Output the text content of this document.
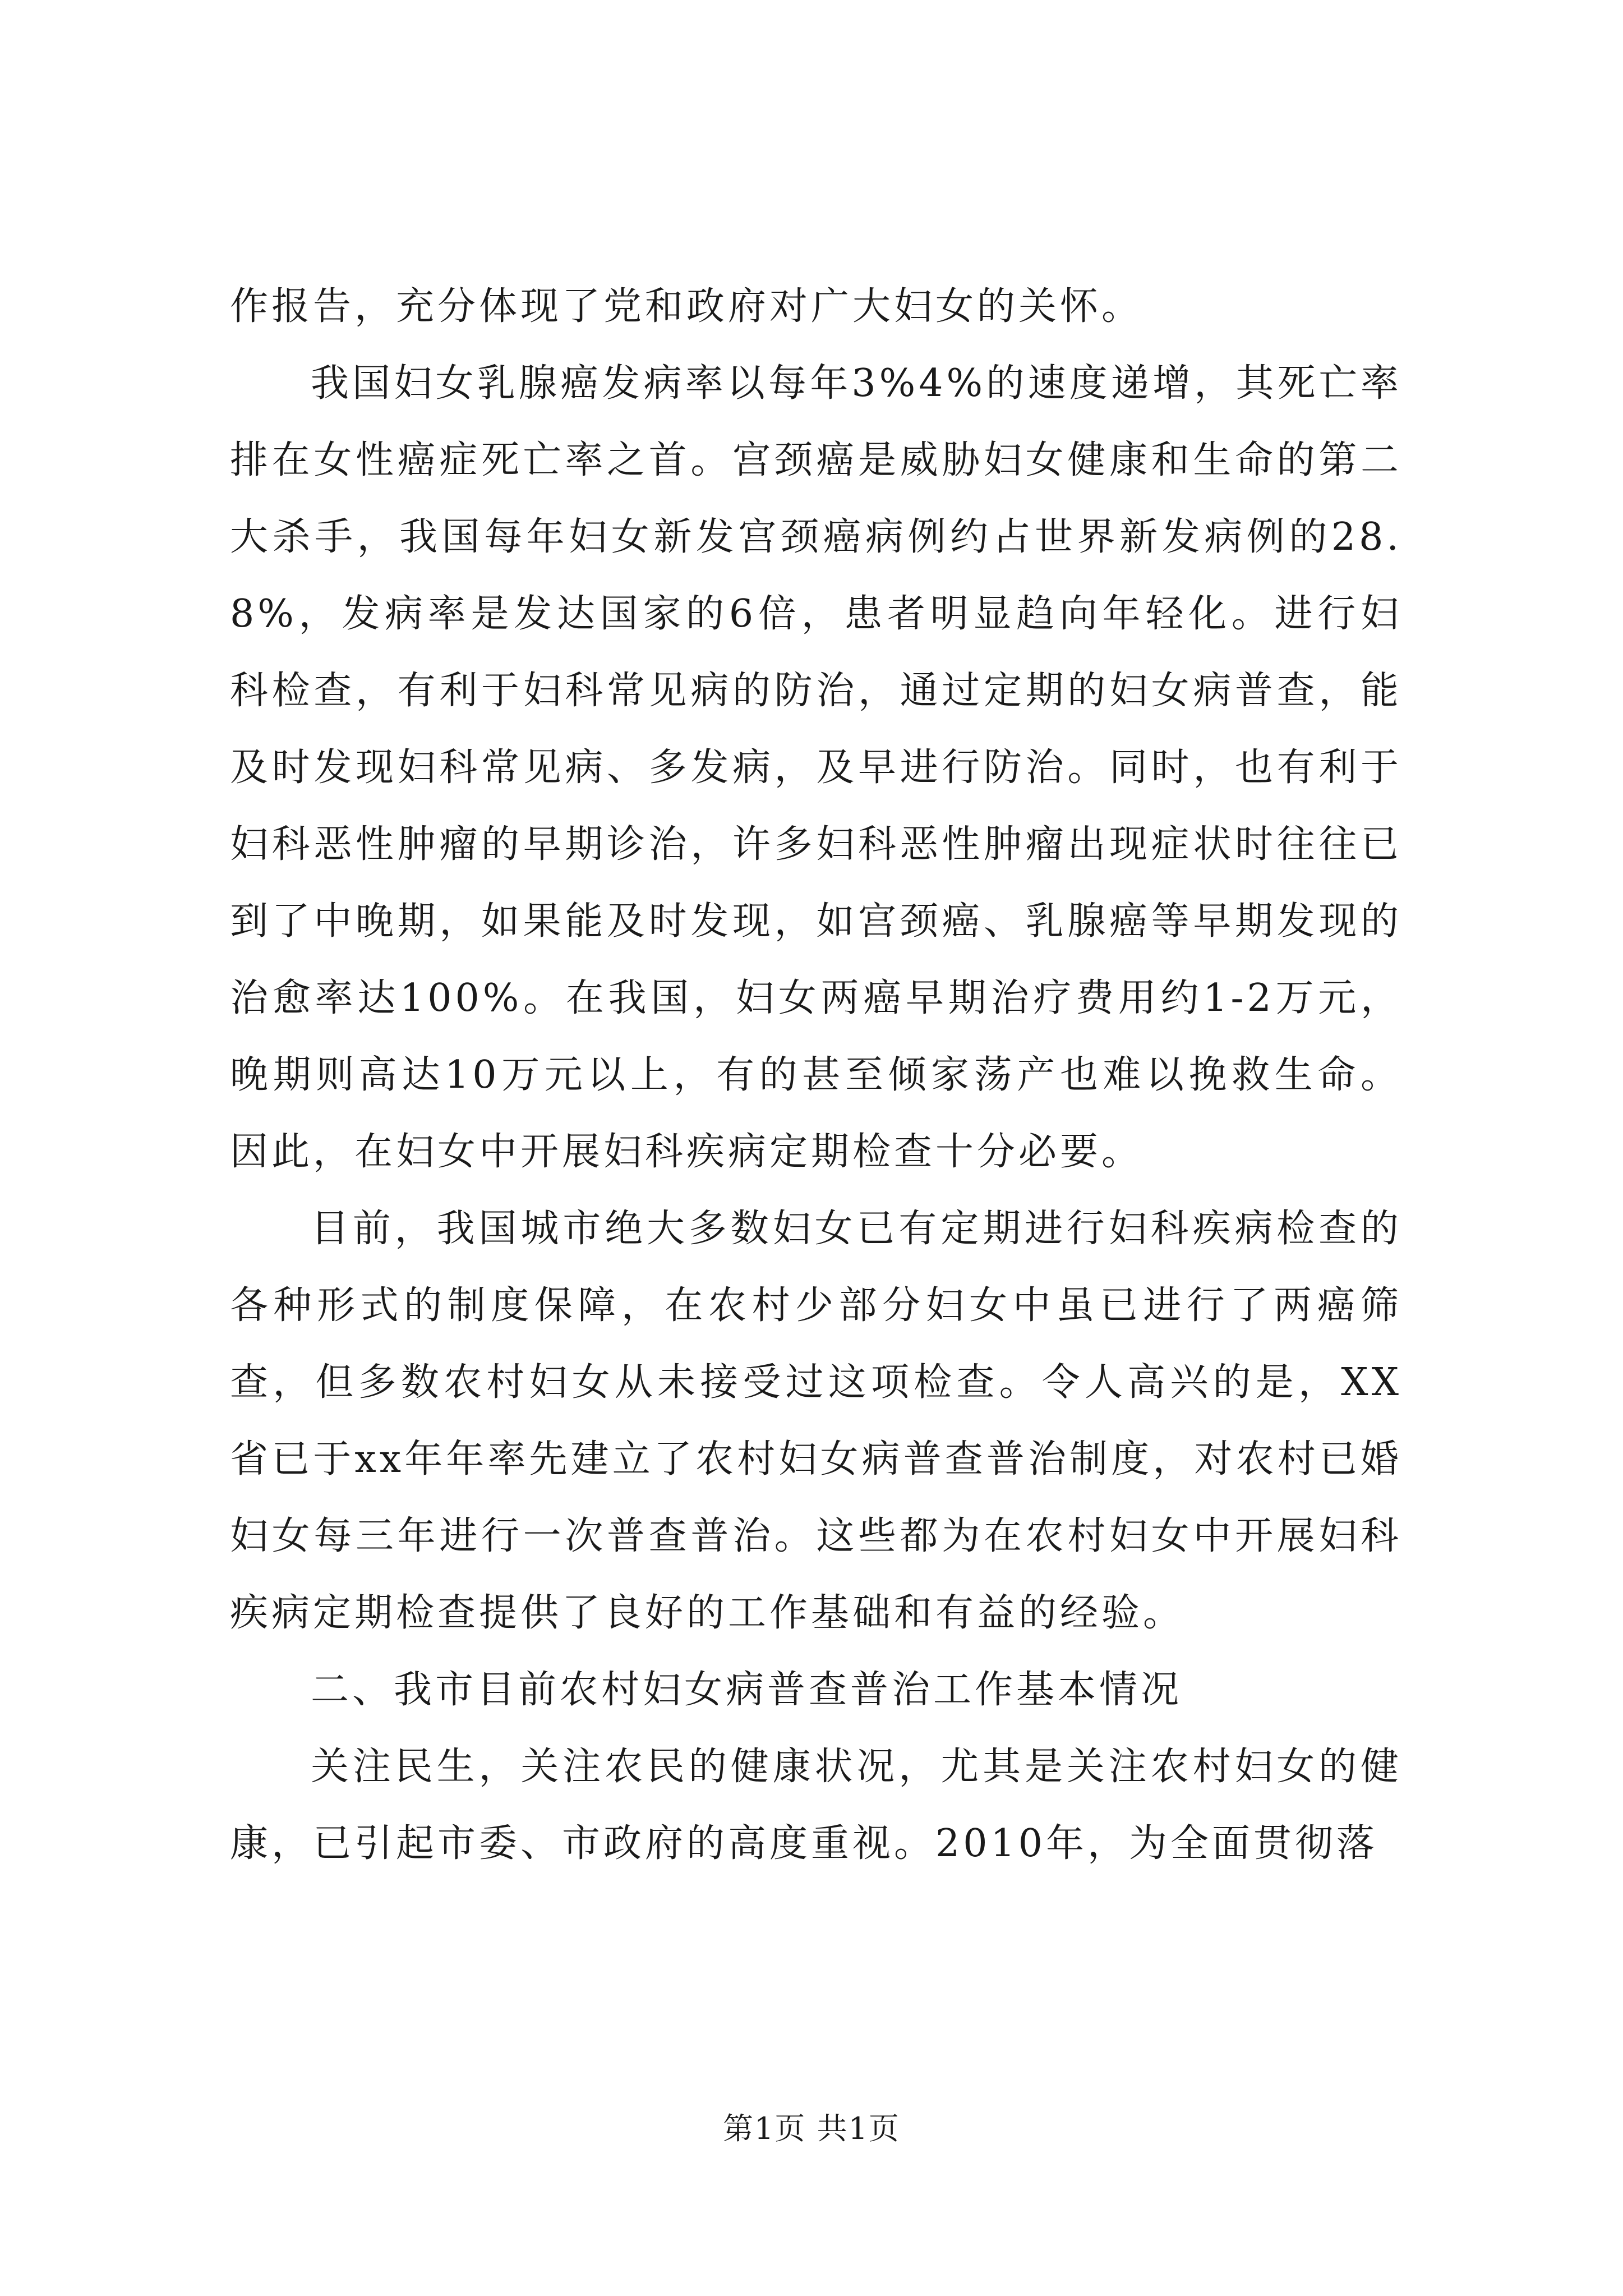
作报告，充分体现了党和政府对广大妇女的关怀。

我国妇女乳腺癌发病率以每年3%4%的速度递增，其死亡率排在女性癌症死亡率之首。宫颈癌是威胁妇女健康和生命的第二大杀手，我国每年妇女新发宫颈癌病例约占世界新发病例的28.8%，发病率是发达国家的6倍，患者明显趋向年轻化。进行妇科检查，有利于妇科常见病的防治，通过定期的妇女病普查，能及时发现妇科常见病、多发病，及早进行防治。同时，也有利于妇科恶性肿瘤的早期诊治，许多妇科恶性肿瘤出现症状时往往已到了中晚期，如果能及时发现，如宫颈癌、乳腺癌等早期发现的治愈率达100%。在我国，妇女两癌早期治疗费用约1-2万元，晚期则高达10万元以上，有的甚至倾家荡产也难以挽救生命。因此，在妇女中开展妇科疾病定期检查十分必要。

目前，我国城市绝大多数妇女已有定期进行妇科疾病检查的各种形式的制度保障，在农村少部分妇女中虽已进行了两癌筛查，但多数农村妇女从未接受过这项检查。令人高兴的是，XX省已于xx年年率先建立了农村妇女病普查普治制度，对农村已婚妇女每三年进行一次普查普治。这些都为在农村妇女中开展妇科疾病定期检查提供了良好的工作基础和有益的经验。

二、我市目前农村妇女病普查普治工作基本情况

关注民生，关注农民的健康状况，尤其是关注农村妇女的健康，已引起市委、市政府的高度重视。2010年，为全面贯彻落

第1页 共1页
